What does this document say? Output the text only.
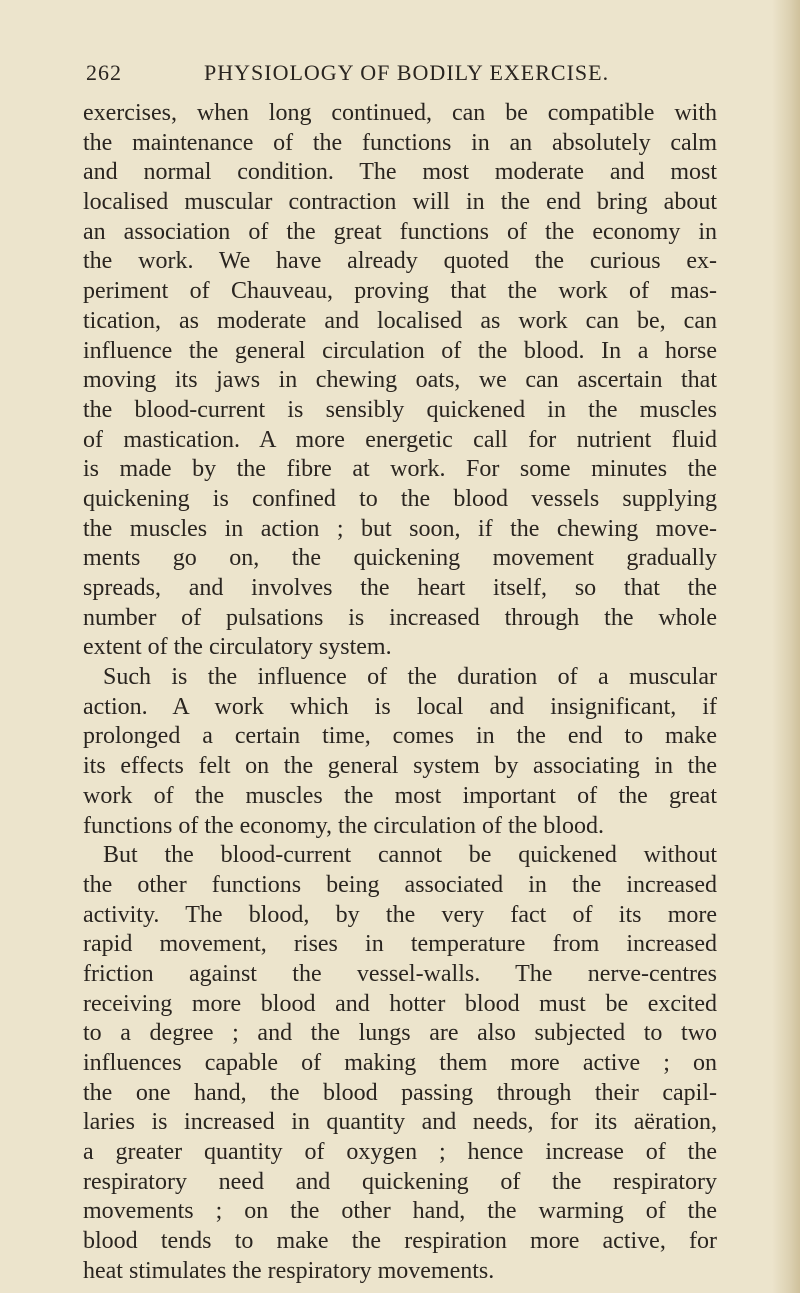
262	PHYSIOLOGY OF BODILY EXERCISE.
exercises, when long continued, can be compatible with
the maintenance of the functions in an absolutely calm
and normal condition. The most moderate and most
localised muscular contraction will in the end bring about
an association of the great functions of the economy in
the work. We have already quoted the curious ex-
periment of Chauveau, proving that the work of mas-
tication, as moderate and localised as work can be, can
influence the general circulation of the blood. In a horse
moving its jaws in chewing oats, we can ascertain that
the blood-current is sensibly quickened in the muscles
of mastication. A more energetic call for nutrient fluid
is made by the fibre at work. For some minutes the
quickening is confined to the blood vessels supplying
the muscles in action ; but soon, if the chewing move-
ments go on, the quickening movement gradually
spreads, and involves the heart itself, so that the
number of pulsations is increased through the whole
extent of the circulatory system.
Such is the influence of the duration of a muscular
action. A work which is local and insignificant, if
prolonged a certain time, comes in the end to make
its effects felt on the general system by associating in the
work of the muscles the most important of the great
functions of the economy, the circulation of the blood.
But the blood-current cannot be quickened without
the other functions being associated in the increased
activity. The blood, by the very fact of its more
rapid movement, rises in temperature from increased
friction against the vessel-walls. The nerve-centres
receiving more blood and hotter blood must be excited
to a degree ; and the lungs are also subjected to two
influences capable of making them more active ; on
the one hand, the blood passing through their capil-
laries is increased in quantity and needs, for its aëration,
a greater quantity of oxygen ; hence increase of the
respiratory need and quickening of the respiratory
movements ; on the other hand, the warming of the
blood tends to make the respiration more active, for
heat stimulates the respiratory movements.
